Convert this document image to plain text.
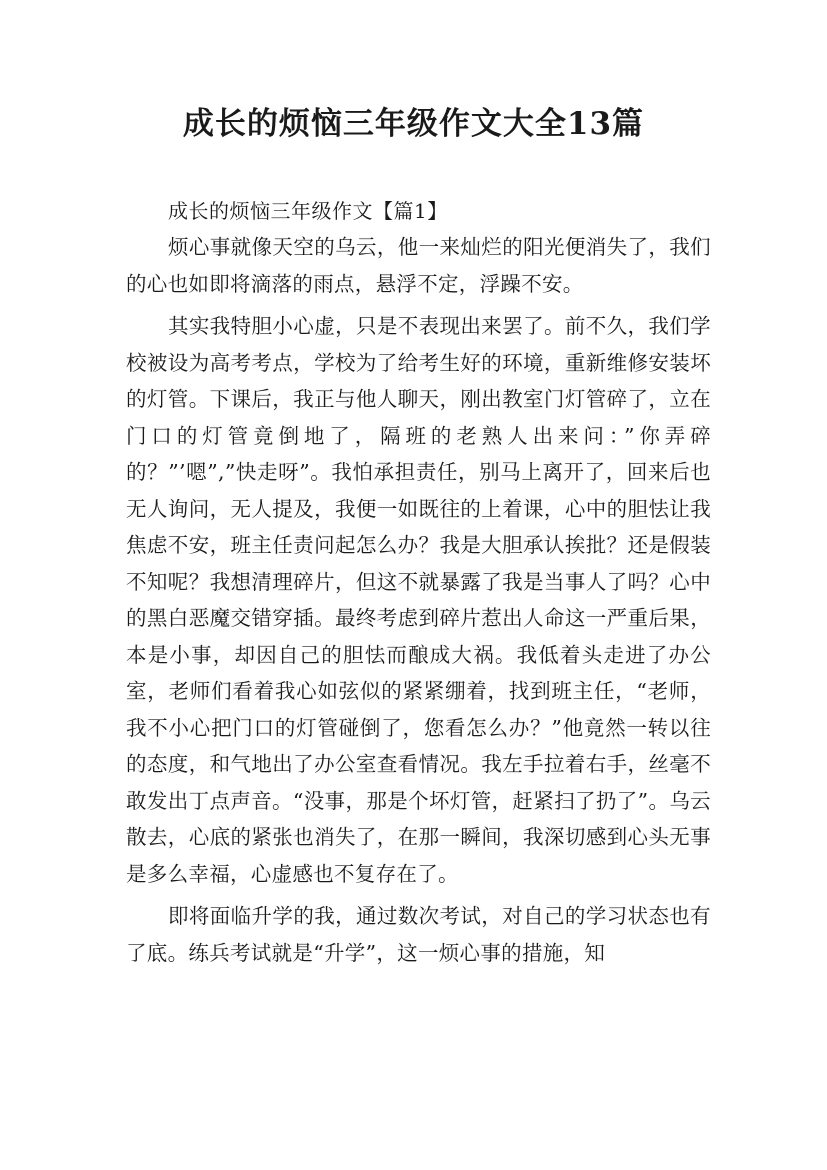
成长的烦恼三年级作文大全13篇

成长的烦恼三年级作文【篇1】

烦心事就像天空的乌云，他一来灿烂的阳光便消失了，我们的心也如即将滴落的雨点，悬浮不定，浮躁不安。

其实我特胆小心虚，只是不表现出来罢了。前不久，我们学校被设为高考考点，学校为了给考生好的环境，重新维修安装坏的灯管。下课后，我正与他人聊天，刚出教室门灯管碎了，立在门口的灯管竟倒地了，隔班的老熟人出来问：”你弄碎的？”’嗯”,”快走呀”。我怕承担责任，别马上离开了，回来后也无人询问，无人提及，我便一如既往的上着课，心中的胆怯让我焦虑不安，班主任责问起怎么办？我是大胆承认挨批？还是假装不知呢？我想清理碎片，但这不就暴露了我是当事人了吗？心中的黑白恶魔交错穿插。最终考虑到碎片惹出人命这一严重后果，本是小事，却因自己的胆怯而酿成大祸。我低着头走进了办公室，老师们看着我心如弦似的紧紧绷着，找到班主任，“老师，我不小心把门口的灯管碰倒了，您看怎么办？”他竟然一转以往的态度，和气地出了办公室查看情况。我左手拉着右手，丝毫不敢发出丁点声音。“没事，那是个坏灯管，赶紧扫了扔了”。乌云散去，心底的紧张也消失了，在那一瞬间，我深切感到心头无事是多么幸福，心虚感也不复存在了。

即将面临升学的我，通过数次考试，对自己的学习状态也有了底。练兵考试就是“升学”，这一烦心事的措施，知
